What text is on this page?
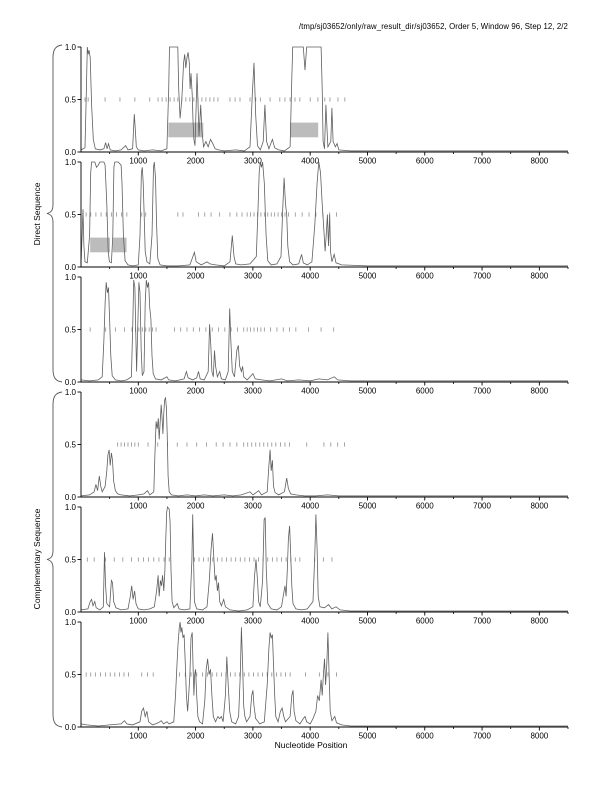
/tmp/sj03652/only/raw_result_dir/sj03652, Order 5, Window 96, Step 12, 2/2
Direct Sequence
Complementary Sequence
Nucleotide Position
0.0
0.5
1.0
1000	2000	3000	4000	5000	6000	7000	8000
0.0
0.5
1.0
1000	2000	3000	4000	5000	6000	7000	8000
0.0
0.5
1.0
1000	2000	3000	4000	5000	6000	7000	8000
0.0
0.5
1.0
1000	2000	3000	4000	5000	6000	7000	8000
0.0
0.5
1.0
1000	2000	3000	4000	5000	6000	7000	8000
0.0
0.5
1.0
1000	2000	3000	4000	5000	6000	7000	8000
